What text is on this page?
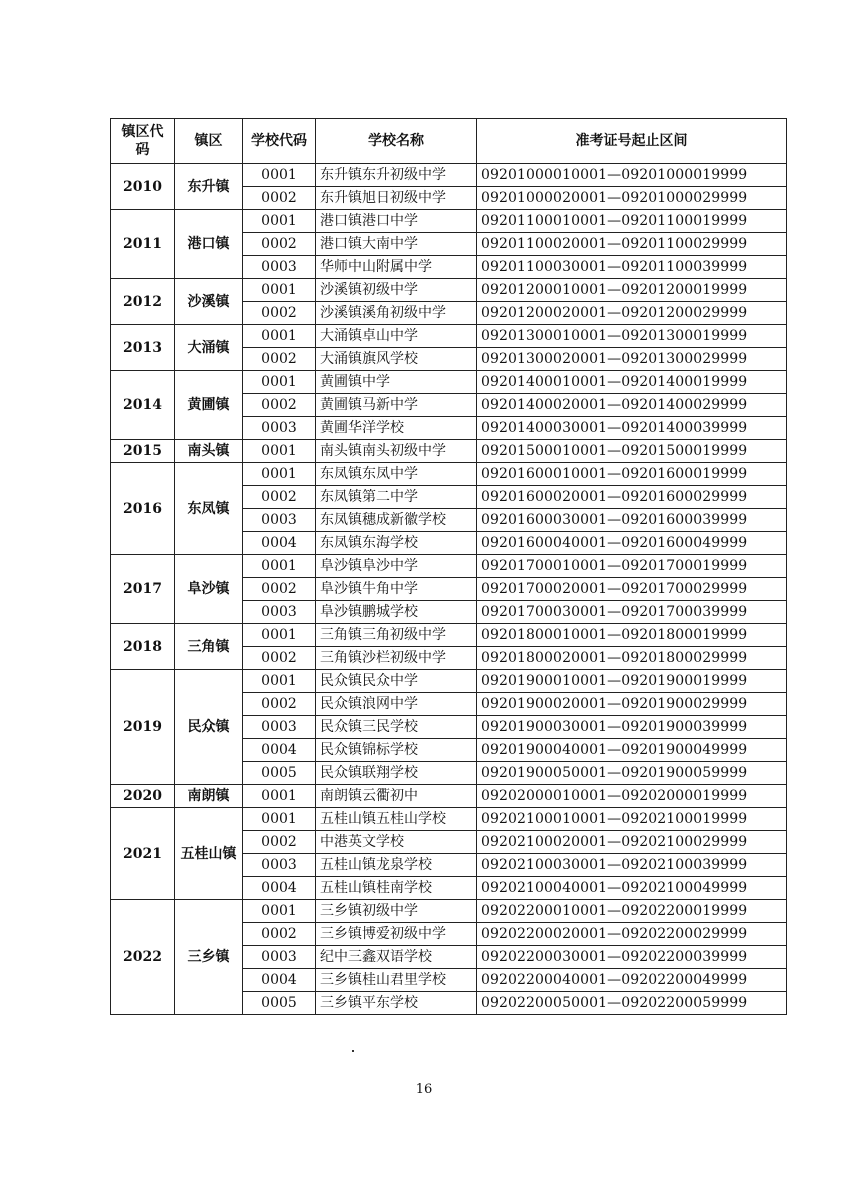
镇区代码	镇区	学校代码	学校名称	准考证号起止区间
2010	东升镇	0001	东升镇东升初级中学	09201000010001—09201000019999
		0002	东升镇旭日初级中学	09201000020001—09201000029999
2011	港口镇	0001	港口镇港口中学	09201100010001—09201100019999
		0002	港口镇大南中学	09201100020001—09201100029999
		0003	华师中山附属中学	09201100030001—09201100039999
2012	沙溪镇	0001	沙溪镇初级中学	09201200010001—09201200019999
		0002	沙溪镇溪角初级中学	09201200020001—09201200029999
2013	大涌镇	0001	大涌镇卓山中学	09201300010001—09201300019999
		0002	大涌镇旗风学校	09201300020001—09201300029999
2014	黄圃镇	0001	黄圃镇中学	09201400010001—09201400019999
		0002	黄圃镇马新中学	09201400020001—09201400029999
		0003	黄圃华洋学校	09201400030001—09201400039999
2015	南头镇	0001	南头镇南头初级中学	09201500010001—09201500019999
2016	东凤镇	0001	东凤镇东凤中学	09201600010001—09201600019999
		0002	东凤镇第二中学	09201600020001—09201600029999
		0003	东凤镇穗成新徽学校	09201600030001—09201600039999
		0004	东凤镇东海学校	09201600040001—09201600049999
2017	阜沙镇	0001	阜沙镇阜沙中学	09201700010001—09201700019999
		0002	阜沙镇牛角中学	09201700020001—09201700029999
		0003	阜沙镇鹏城学校	09201700030001—09201700039999
2018	三角镇	0001	三角镇三角初级中学	09201800010001—09201800019999
		0002	三角镇沙栏初级中学	09201800020001—09201800029999
2019	民众镇	0001	民众镇民众中学	09201900010001—09201900019999
		0002	民众镇浪网中学	09201900020001—09201900029999
		0003	民众镇三民学校	09201900030001—09201900039999
		0004	民众镇锦标学校	09201900040001—09201900049999
		0005	民众镇联翔学校	09201900050001—09201900059999
2020	南朗镇	0001	南朗镇云衢初中	09202000010001—09202000019999
2021	五桂山镇	0001	五桂山镇五桂山学校	09202100010001—09202100019999
		0002	中港英文学校	09202100020001—09202100029999
		0003	五桂山镇龙泉学校	09202100030001—09202100039999
		0004	五桂山镇桂南学校	09202100040001—09202100049999
2022	三乡镇	0001	三乡镇初级中学	09202200010001—09202200019999
		0002	三乡镇博爱初级中学	09202200020001—09202200029999
		0003	纪中三鑫双语学校	09202200030001—09202200039999
		0004	三乡镇桂山君里学校	09202200040001—09202200049999
		0005	三乡镇平东学校	09202200050001—09202200059999
16
